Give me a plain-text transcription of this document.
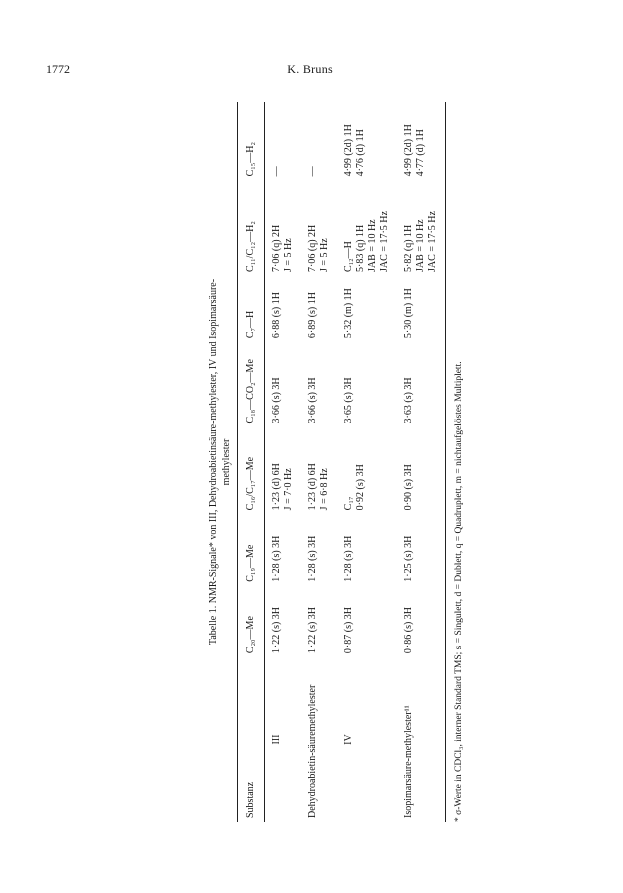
1772	K. Bruns
Tabelle 1. NMR-Signale* von III, Dehydroabietinsäure-methylester, IV und Isopimarsäure- methylester
Substanz	C₂₀—Me	C₁₉—Me	C₁₆/C₁₇—Me	C₁₈—CO₂—Me	C₇—H	C₁₁/C₁₂—H₂	C₁₅—H₂
III	1·22 (s) 3H	1·28 (s) 3H	1·23 (d) 6H J = 7·0 Hz	3·66 (s) 3H	6·88 (s) 1H	7·06 (q) 2H J = 5 Hz	—
Dehydroabietin-säuremethylester	1·22 (s) 3H	1·28 (s) 3H	1·23 (d) 6H J = 6·8 Hz	3·66 (s) 3H	6·89 (s) 1H	7·06 (q) 2H J = 5 Hz	—
IV	0·87 (s) 3H	1·28 (s) 3H	C₁₇ 0·92 (s) 3H	3·65 (s) 3H	5·32 (m) 1H	C₁₂—H 5·83 (q) 1H JAB = 10 Hz JAC = 17·5 Hz	4·99 (2d) 1H 4·76 (d) 1H

Isopimarsäure-methylester¹¹	0·86 (s) 3H	1·25 (s) 3H	0·90 (s) 3H	3·63 (s) 3H	5·30 (m) 1H	5·82 (q) 1H JAB = 10 Hz JAC = 17·5 Hz	4·99 (2d) 1H 4·77 (d) 1H
* σ-Werte in CDCl₃, interner Standard TMS; s = Singulett, d = Dublett, q = Quadruplett, m = nichtaufgelöstes Multiplett.
